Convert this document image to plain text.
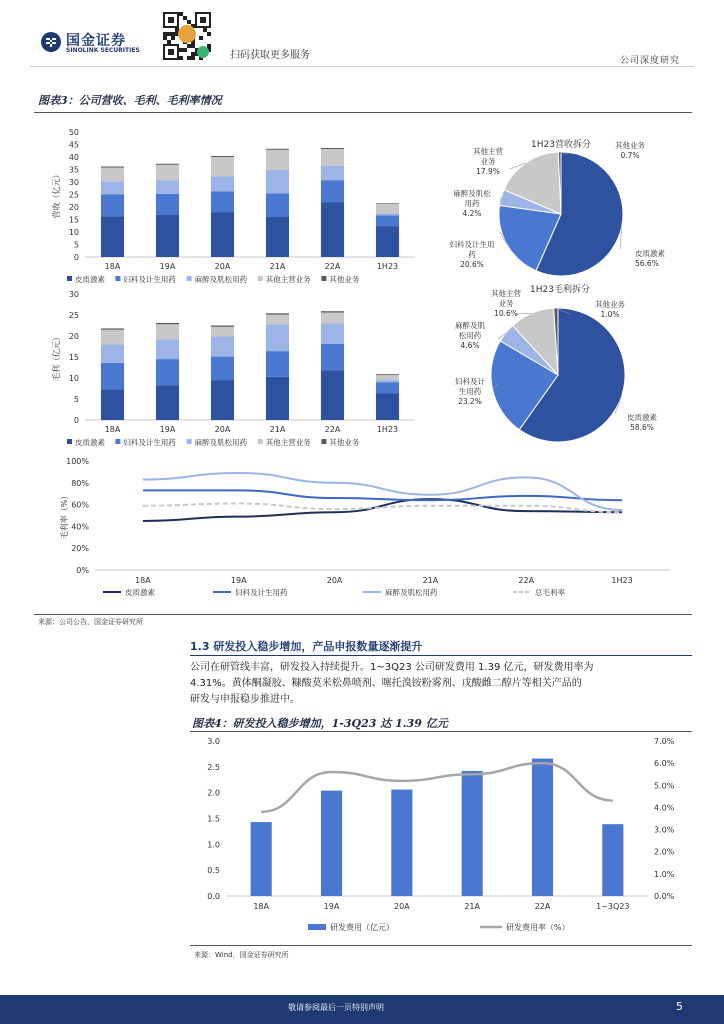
国金证券
SINOLINK SECURITIES	扫码获取更多服务	公司深度研究
图表3：公司营收、毛利、毛利率情况
0
5
10
15
20
25
30
35
40
45
50
18A	19A	20A	21A	22A	1H23
营收（亿元）
皮质激素 妇科及计生用药 麻醉及肌松用药 其他主营业务 其他业务
1H23营收拆分
皮质激素
56.6%
妇科及计生用
药
20.6%
麻醉及肌松
用药
4.2%
其他主营
业务
17.9%
其他业务
0.7%
0
5
10
15
20
25
30
18A	19A	20A	21A	22A	1H23
毛利（亿元）
皮质激素 妇科及计生用药 麻醉及肌松用药 其他主营业务 其他业务
1H23毛利拆分
皮质激素
58.6%
妇科及计
生用药
23.2%
麻醉及肌
松用药
4.6%
其他主营
业务
10.6%
其他业务
1.0%
0%
20%
40%
60%
80%
100%
18A	19A	20A	21A	22A	1H23
毛利率（%）
皮质激素	妇科及计生用药	麻醉及肌松用药	总毛利率
来源：公司公告，国金证券研究所
1.3 研发投入稳步增加，产品申报数量逐渐提升
公司在研管线丰富，研发投入持续提升。1~3Q23 公司研发费用 1.39 亿元，研发费用率为
4.31%。黄体酮凝胶、糠酸莫米松鼻喷剂、噻托溴铵粉雾剂、戊酸雌二醇片等相关产品的
研发与申报稳步推进中。
图表4：研发投入稳步增加，1-3Q23 达 1.39 亿元
0.0
0.5
1.0
1.5
2.0
2.5
3.0
0.0%
1.0%
2.0%
3.0%
4.0%
5.0%
6.0%
7.0%
18A	19A	20A	21A	22A	1~3Q23
研发费用（亿元）	研发费用率（%）
来源：Wind，国金证券研究所
敬请参阅最后一页特别声明	5
